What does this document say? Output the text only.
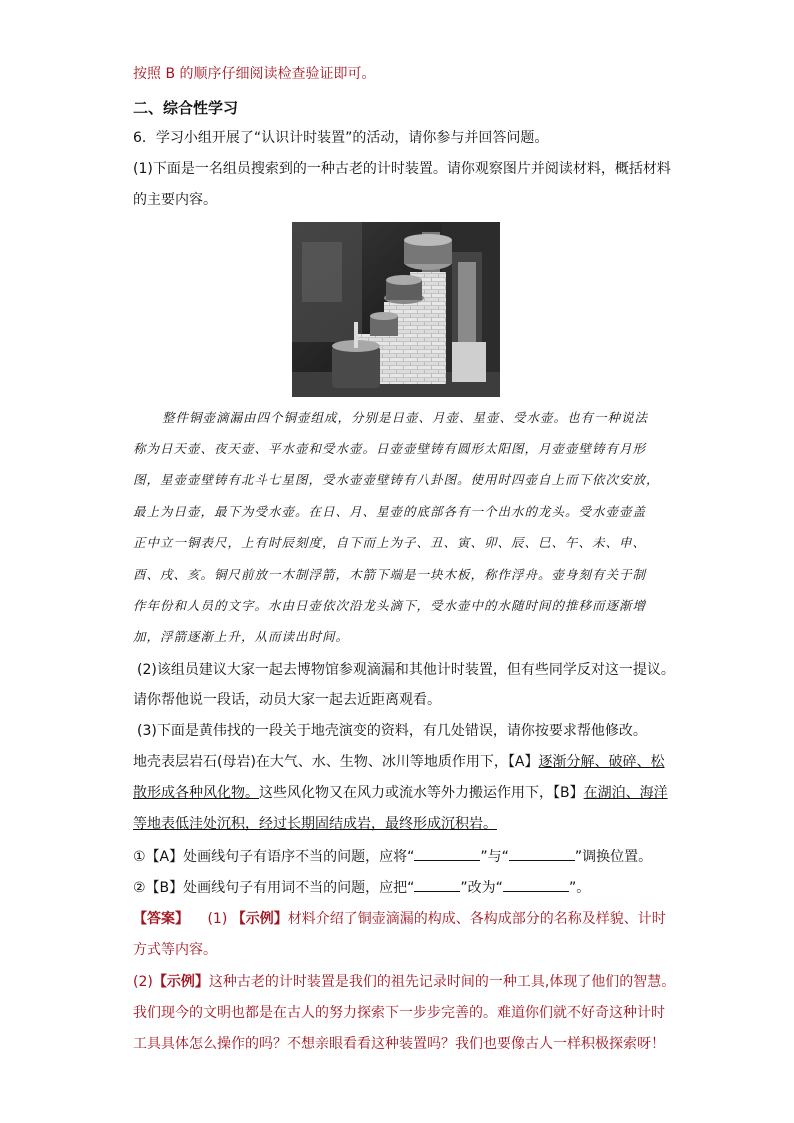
按照 B 的顺序仔细阅读检查验证即可。
二、综合性学习
6．学习小组开展了“认识计时装置”的活动，请你参与并回答问题。
(1)下面是一名组员搜索到的一种古老的计时装置。请你观察图片并阅读材料，概括材料
的主要内容。
整件铜壶滴漏由四个铜壶组成，分别是日壶、月壶、星壶、受水壶。也有一种说法
称为日天壶、夜天壶、平水壶和受水壶。日壶壶壁铸有圆形太阳图，月壶壶壁铸有月形
图，星壶壶壁铸有北斗七星图，受水壶壶壁铸有八卦图。使用时四壶自上而下依次安放，
最上为日壶，最下为受水壶。在日、月、星壶的底部各有一个出水的龙头。受水壶壶盖
正中立一铜表尺，上有时辰刻度，自下而上为子、丑、寅、卯、辰、巳、午、未、申、
酉、戌、亥。铜尺前放一木制浮箭，木箭下端是一块木板，称作浮舟。壶身刻有关于制
作年份和人员的文字。水由日壶依次沿龙头滴下，受水壶中的水随时间的推移而逐渐增
加，浮箭逐渐上升，从而读出时间。
(2)该组员建议大家一起去博物馆参观滴漏和其他计时装置，但有些同学反对这一提议。
请你帮他说一段话，动员大家一起去近距离观看。
(3)下面是黄伟找的一段关于地壳演变的资料，有几处错误，请你按要求帮他修改。
地壳表层岩石(母岩)在大气、水、生物、冰川等地质作用下，【A】逐渐分解、破碎、松
散形成各种风化物。这些风化物又在风力或流水等外力搬运作用下，【B】在湖泊、海洋
等地表低洼处沉积，经过长期固结成岩，最终形成沉积岩。
①【A】处画线句子有语序不当的问题，应将“	”与“	”调换位置。
②【B】处画线句子有用词不当的问题，应把“	”改为“	”。
【答案】 (1) 【示例】材料介绍了铜壶滴漏的构成、各构成部分的名称及样貌、计时
方式等内容。
(2)【示例】这种古老的计时装置是我们的祖先记录时间的一种工具,体现了他们的智慧。
我们现今的文明也都是在古人的努力探索下一步步完善的。难道你们就不好奇这种计时
工具具体怎么操作的吗？不想亲眼看看这种装置吗？我们也要像古人一样积极探索呀！
